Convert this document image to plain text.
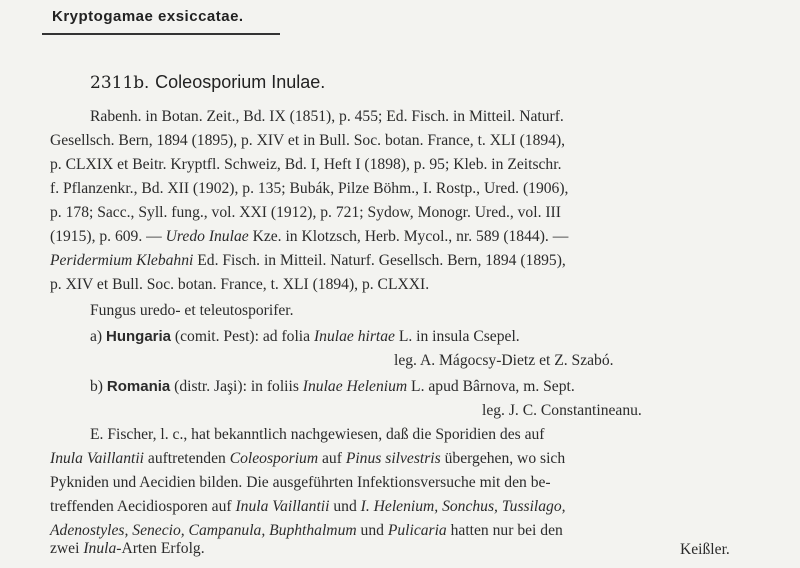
Kryptogamae exsiccatae.
2311b. Coleosporium Inulae.
Rabenh. in Botan. Zeit., Bd. IX (1851), p. 455; Ed. Fisch. in Mitteil. Naturf.
Gesellsch. Bern, 1894 (1895), p. XIV et in Bull. Soc. botan. France, t. XLI (1894),
p. CLXIX et Beitr. Kryptfl. Schweiz, Bd. I, Heft I (1898), p. 95; Kleb. in Zeitschr.
f. Pflanzenkr., Bd. XII (1902), p. 135; Bubák, Pilze Böhm., I. Rostp., Ured. (1906),
p. 178; Sacc., Syll. fung., vol. XXI (1912), p. 721; Sydow, Monogr. Ured., vol. III
(1915), p. 609. — Uredo Inulae Kze. in Klotzsch, Herb. Mycol., nr. 589 (1844). —
Peridermium Klebahni Ed. Fisch. in Mitteil. Naturf. Gesellsch. Bern, 1894 (1895),
p. XIV et Bull. Soc. botan. France, t. XLI (1894), p. CLXXI.
Fungus uredo- et teleutosporifer.
a) Hungaria (comit. Pest): ad folia Inulae hirtae L. in insula Csepel.
leg. A. Mágocsy-Dietz et Z. Szabó.
b) Romania (distr. Jaşi): in foliis Inulae Helenium L. apud Bârnova, m. Sept.
leg. J. C. Constantineanu.
E. Fischer, l. c., hat bekanntlich nachgewiesen, daß die Sporidien des auf
Inula Vaillantii auftretenden Coleosporium auf Pinus silvestris übergehen, wo sich
Pykniden und Aecidien bilden. Die ausgeführten Infektionsversuche mit den be-
treffenden Aecidiosporen auf Inula Vaillantii und I. Helenium, Sonchus, Tussilago,
Adenostyles, Senecio, Campanula, Buphthalmum und Pulicaria hatten nur bei den
zwei Inula-Arten Erfolg.	Keißler.
